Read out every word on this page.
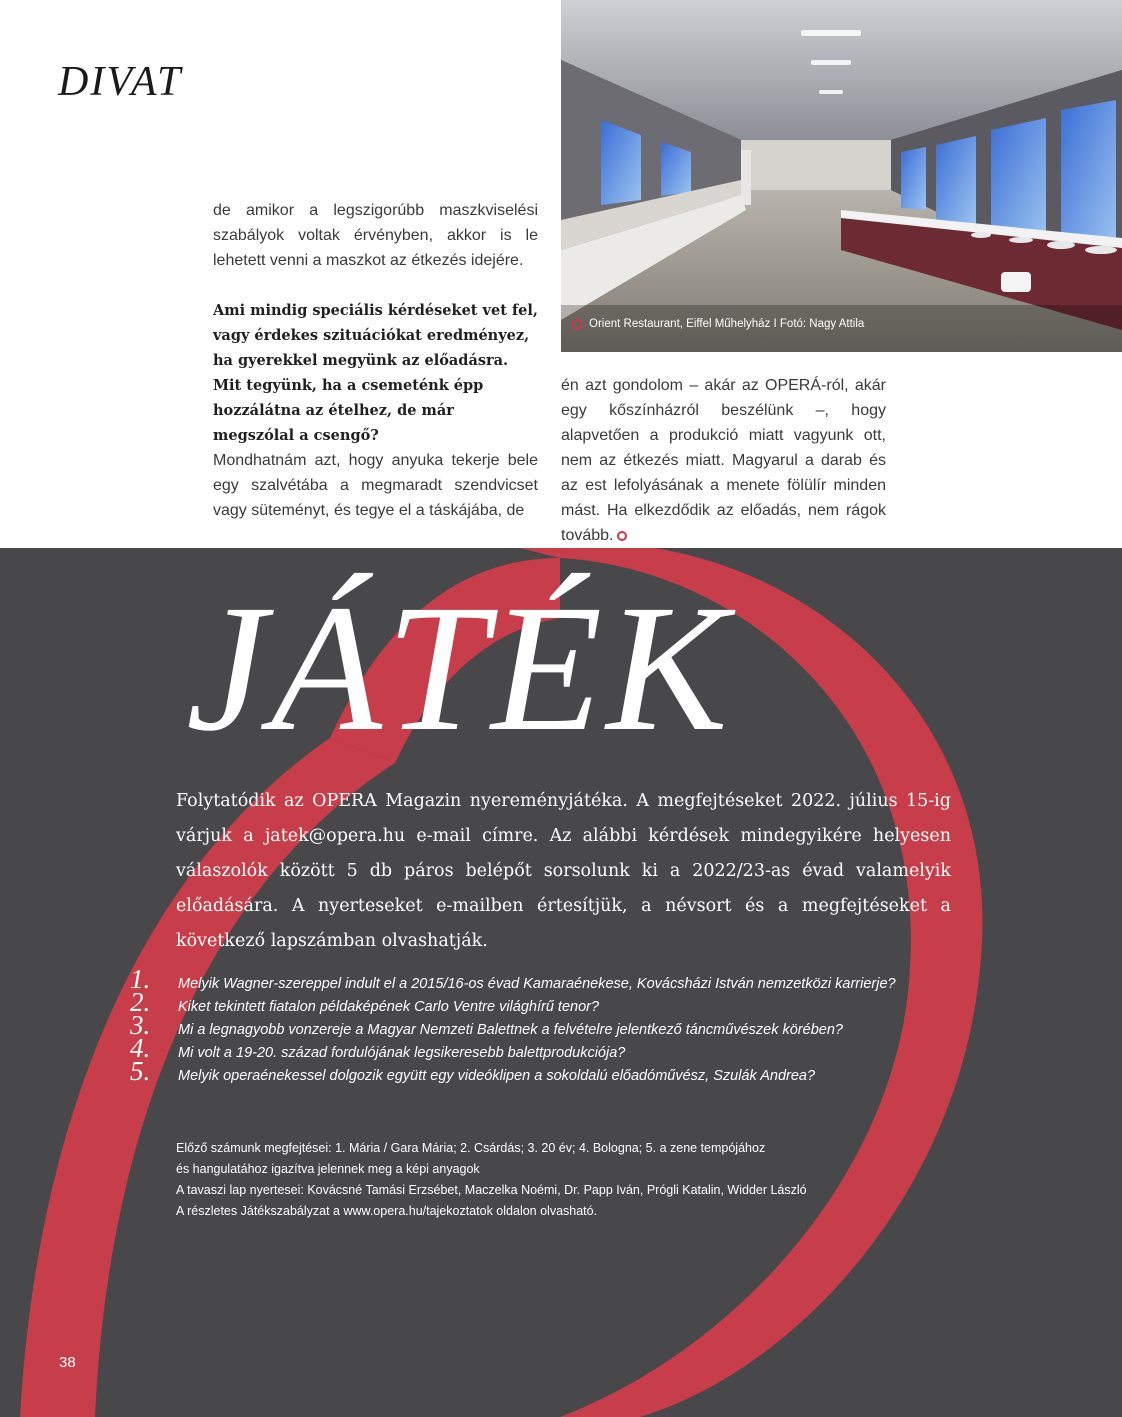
DIVAT
Orient Restaurant, Eiffel Műhelyház I Fotó: Nagy Attila

de amikor a legszigorúbb maszkviselési szabályok voltak érvényben, akkor is le lehetett venni a maszkot az étkezés idejére.

Ami mindig speciális kérdéseket vet fel, vagy érdekes szituációkat eredményez, ha gyerekkel megyünk az előadásra. Mit tegyünk, ha a csemeténk épp hozzálátna az ételhez, de már megszólal a csengő?

Mondhatnám azt, hogy anyuka tekerje bele egy szalvétába a megmaradt szendvicset vagy süteményt, és tegye el a táskájába, de

én azt gondolom – akár az OPERÁ-ról, akár egy kőszínházról beszélünk –, hogy alapvetően a produkció miatt vagyunk ott, nem az étkezés miatt. Magyarul a darab és az est lefolyásának a menete fölülír minden mást. Ha elkezdődik az előadás, nem rágok tovább.

JÁTÉK

Folytatódik az OPERA Magazin nyereményjátéka. A megfejtéseket 2022. július 15-ig várjuk a jatek@opera.hu e-mail címre. Az alábbi kérdések mindegyikére helyesen válaszolók között 5 db páros belépőt sorsolunk ki a 2022/23-as évad valamelyik előadására. A nyerteseket e-mailben értesítjük, a névsort és a megfejtéseket a következő lapszámban olvashatják.

1.	Melyik Wagner-szereppel indult el a 2015/16-os évad Kamaraénekese, Kovácsházi István nemzetközi karrierje?
2.	Kiket tekintett fiatalon példaképének Carlo Ventre világhírű tenor?
3.	Mi a legnagyobb vonzereje a Magyar Nemzeti Balettnek a felvételre jelentkező táncművészek körében?
4.	Mi volt a 19-20. század fordulójának legsikeresebb balettprodukciója?
5.	Melyik operaénekessel dolgozik együtt egy videóklipen a sokoldalú előadóművész, Szulák Andrea?
Előző számunk megfejtései: 1. Mária / Gara Mária; 2. Csárdás; 3. 20 év; 4. Bologna; 5. a zene tempójához
és hangulatához igazítva jelennek meg a képi anyagok
A tavaszi lap nyertesei: Kovácsné Tamási Erzsébet, Maczelka Noémi, Dr. Papp Iván, Prógli Katalin, Widder László
A részletes Játékszabályzat a www.opera.hu/tajekoztatok oldalon olvasható.
38
